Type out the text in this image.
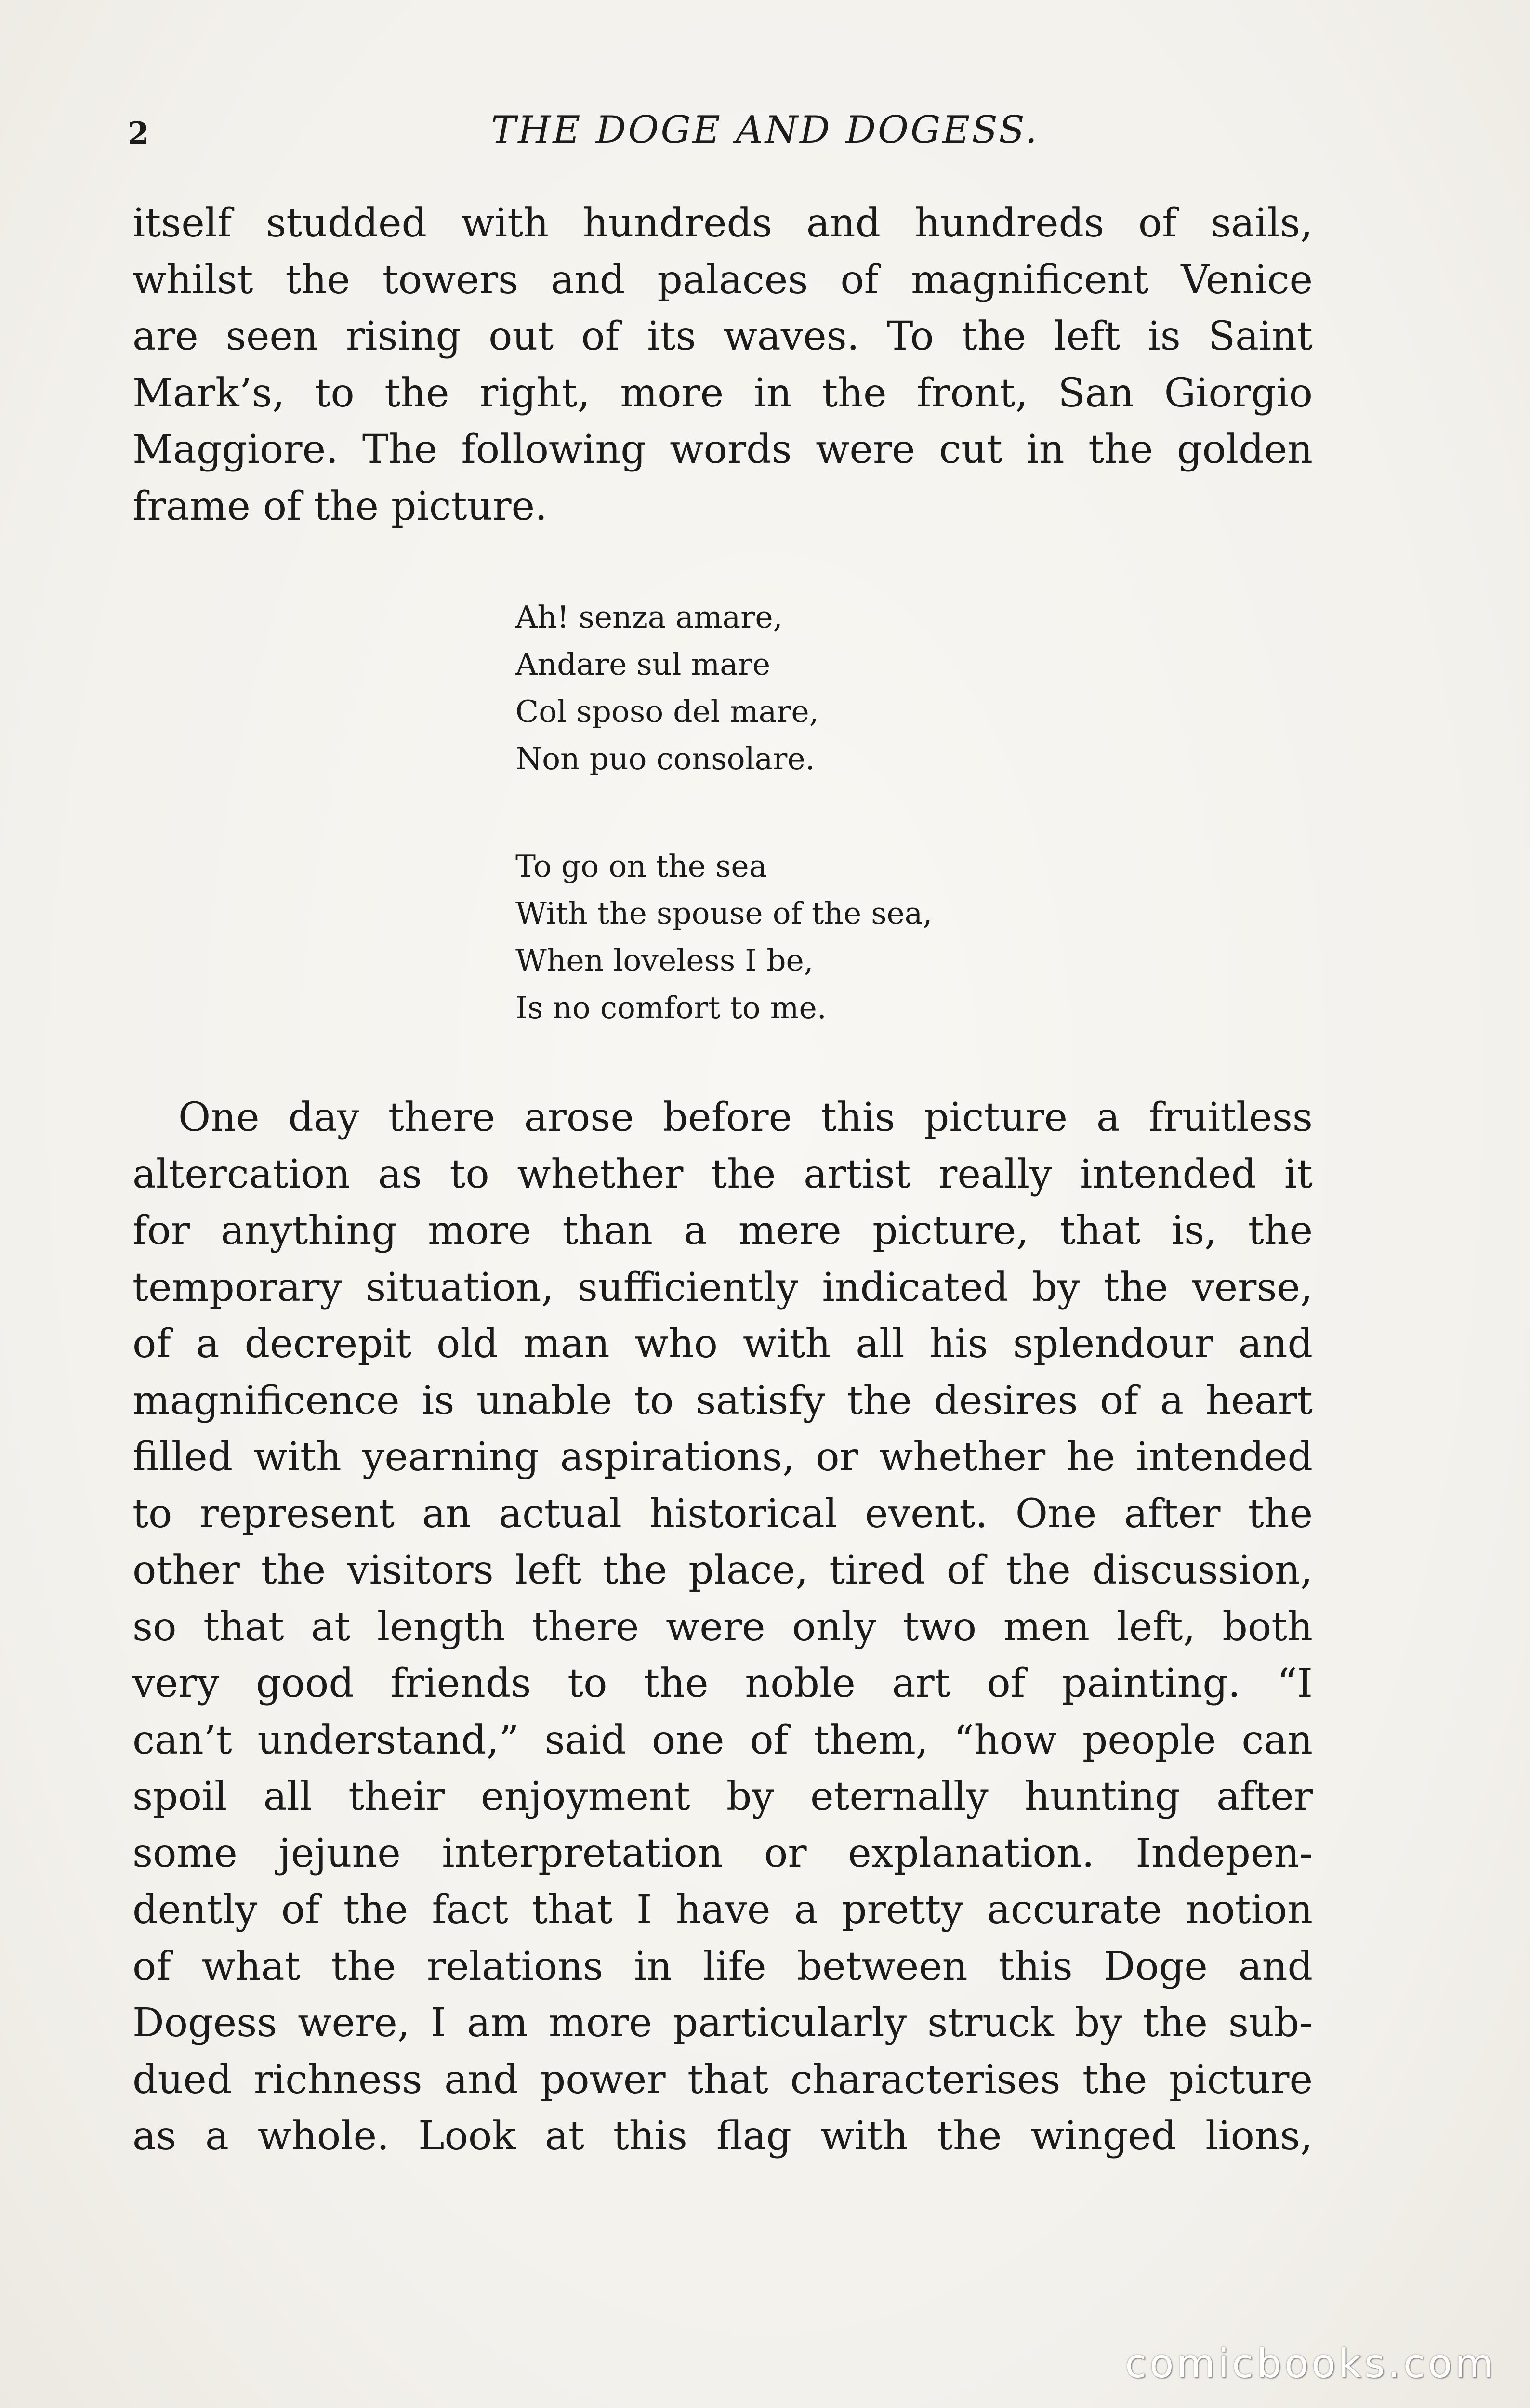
2	THE DOGE AND DOGESS.

itself studded with hundreds and hundreds of sails,
whilst the towers and palaces of magnificent Venice
are seen rising out of its waves. To the left is Saint
Mark’s, to the right, more in the front, San Giorgio
Maggiore. The following words were cut in the golden
frame of the picture.

Ah! senza amare,
Andare sul mare
Col sposo del mare,
Non puo consolare.
To go on the sea
With the spouse of the sea,
When loveless I be,
Is no comfort to me.

One day there arose before this picture a fruitless
altercation as to whether the artist really intended it
for anything more than a mere picture, that is, the
temporary situation, sufficiently indicated by the verse,
of a decrepit old man who with all his splendour and
magnificence is unable to satisfy the desires of a heart
filled with yearning aspirations, or whether he intended
to represent an actual historical event. One after the
other the visitors left the place, tired of the discussion,
so that at length there were only two men left, both
very good friends to the noble art of painting. “I
can’t understand,” said one of them, “how people can
spoil all their enjoyment by eternally hunting after
some jejune interpretation or explanation. Indepen-
dently of the fact that I have a pretty accurate notion
of what the relations in life between this Doge and
Dogess were, I am more particularly struck by the sub-
dued richness and power that characterises the picture
as a whole. Look at this flag with the winged lions,

comicbooks.com
